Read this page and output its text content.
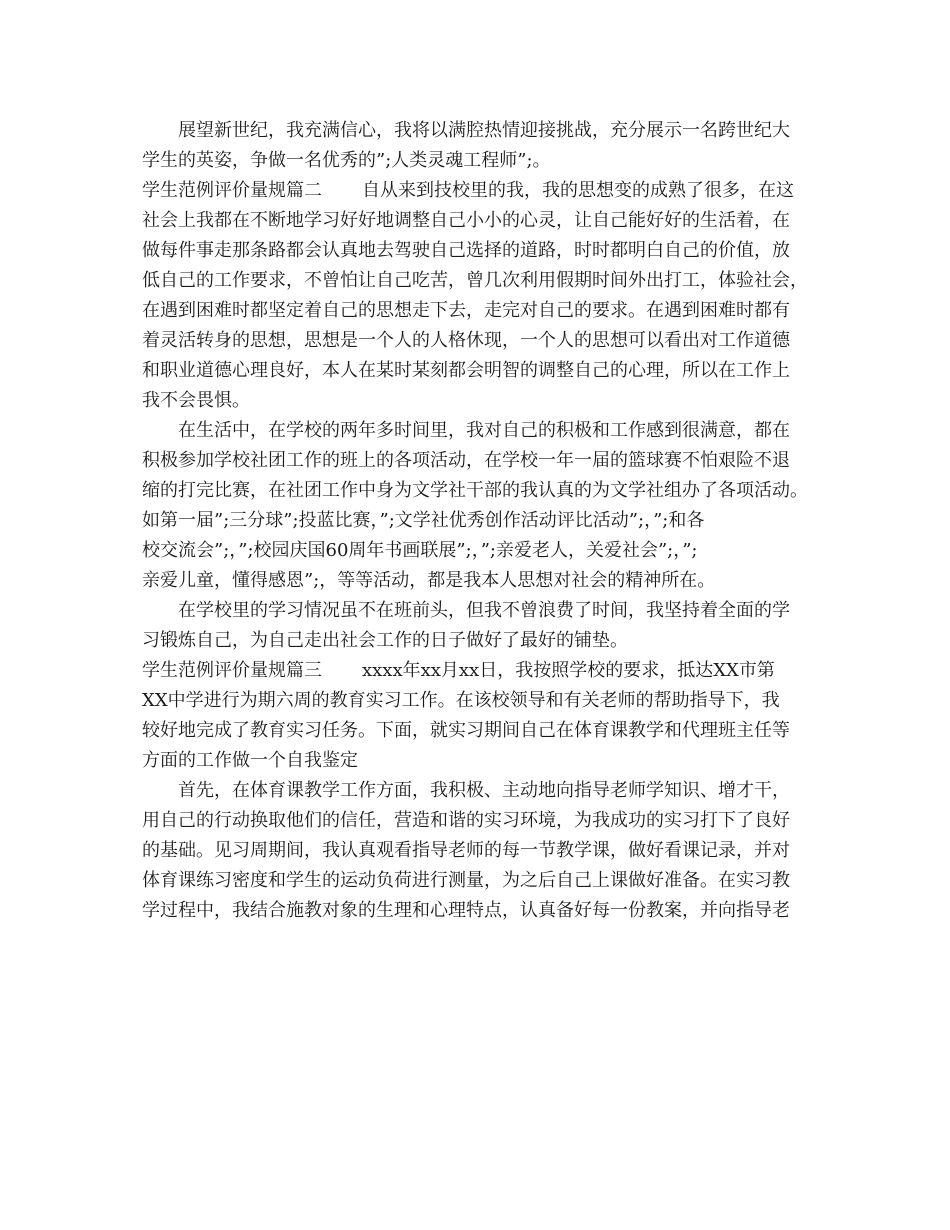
展望新世纪，我充满信心，我将以满腔热情迎接挑战，充分展示一名跨世纪大
学生的英姿，争做一名优秀的”;人类灵魂工程师”;。
学生范例评价量规篇二 自从来到技校里的我，我的思想变的成熟了很多，在这
社会上我都在不断地学习好好地调整自己小小的心灵，让自己能好好的生活着，在
做每件事走那条路都会认真地去驾驶自己选择的道路，时时都明白自己的价值，放
低自己的工作要求，不曾怕让自己吃苦，曾几次利用假期时间外出打工，体验社会，
在遇到困难时都坚定着自己的思想走下去，走完对自己的要求。在遇到困难时都有
着灵活转身的思想，思想是一个人的人格休现，一个人的思想可以看出对工作道德
和职业道德心理良好，本人在某时某刻都会明智的调整自己的心理，所以在工作上
我不会畏惧。
在生活中，在学校的两年多时间里，我对自己的积极和工作感到很满意，都在
积极参加学校社团工作的班上的各项活动，在学校一年一届的篮球赛不怕艰险不退
缩的打完比赛，在社团工作中身为文学社干部的我认真的为文学社组办了各项活动。
如第一届”;三分球”;投蓝比赛，”;文学社优秀创作活动评比活动”;，”;和各
校交流会”;，”;校园庆国60周年书画联展”;，”;亲爱老人，关爱社会”;，”;
亲爱儿童，懂得感恩”;，等等活动，都是我本人思想对社会的精神所在。
在学校里的学习情况虽不在班前头，但我不曾浪费了时间，我坚持着全面的学
习锻炼自己，为自己走出社会工作的日子做好了最好的铺垫。
学生范例评价量规篇三 xxxx年xx月xx日，我按照学校的要求，抵达XX市第
XX中学进行为期六周的教育实习工作。在该校领导和有关老师的帮助指导下，我
较好地完成了教育实习任务。下面，就实习期间自己在体育课教学和代理班主任等
方面的工作做一个自我鉴定
首先，在体育课教学工作方面，我积极、主动地向指导老师学知识、增才干，
用自己的行动换取他们的信任，营造和谐的实习环境，为我成功的实习打下了良好
的基础。见习周期间，我认真观看指导老师的每一节教学课，做好看课记录，并对
体育课练习密度和学生的运动负荷进行测量，为之后自己上课做好准备。在实习教
学过程中，我结合施教对象的生理和心理特点，认真备好每一份教案，并向指导老
